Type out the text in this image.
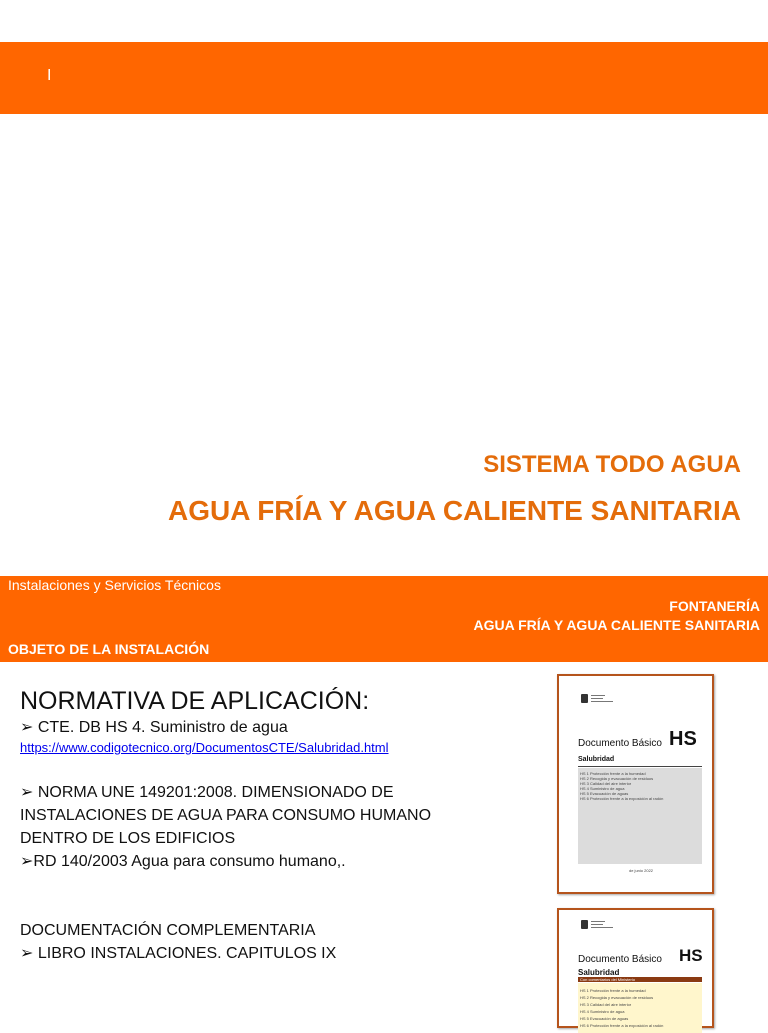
I
SISTEMA TODO AGUA
AGUA FRÍA Y AGUA CALIENTE SANITARIA
Instalaciones y Servicios Técnicos
FONTANERÍA
AGUA FRÍA Y AGUA CALIENTE SANITARIA
OBJETO DE LA INSTALACIÓN
NORMATIVA DE APLICACIÓN:
➢ CTE. DB HS 4. Suministro de agua
https://www.codigotecnico.org/DocumentosCTE/Salubridad.html
➢ NORMA UNE 149201:2008. DIMENSIONADO DE
INSTALACIONES DE AGUA PARA CONSUMO HUMANO
DENTRO DE LOS EDIFICIOS
➢RD 140/2003 Agua para consumo humano,.
DOCUMENTACIÓN COMPLEMENTARIA
➢ LIBRO INSTALACIONES. CAPITULOS IX
Documento Básico HS
Salubridad
HS 1 Protección frente a la humedad
HS 2 Recogida y evacuación de residuos
HS 3 Calidad del aire interior
HS 4 Suministro de agua
HS 5 Evacuación de aguas
HS 6 Protección frente a la exposición al radón
de junio 2022
Documento Básico HS
Salubridad
Con comentarios del Ministerio
HS 1 Protección frente a la humedad
HS 2 Recogida y evacuación de residuos
HS 3 Calidad del aire interior
HS 4 Suministro de agua
HS 5 Evacuación de aguas
HS 6 Protección frente a la exposición al radón
